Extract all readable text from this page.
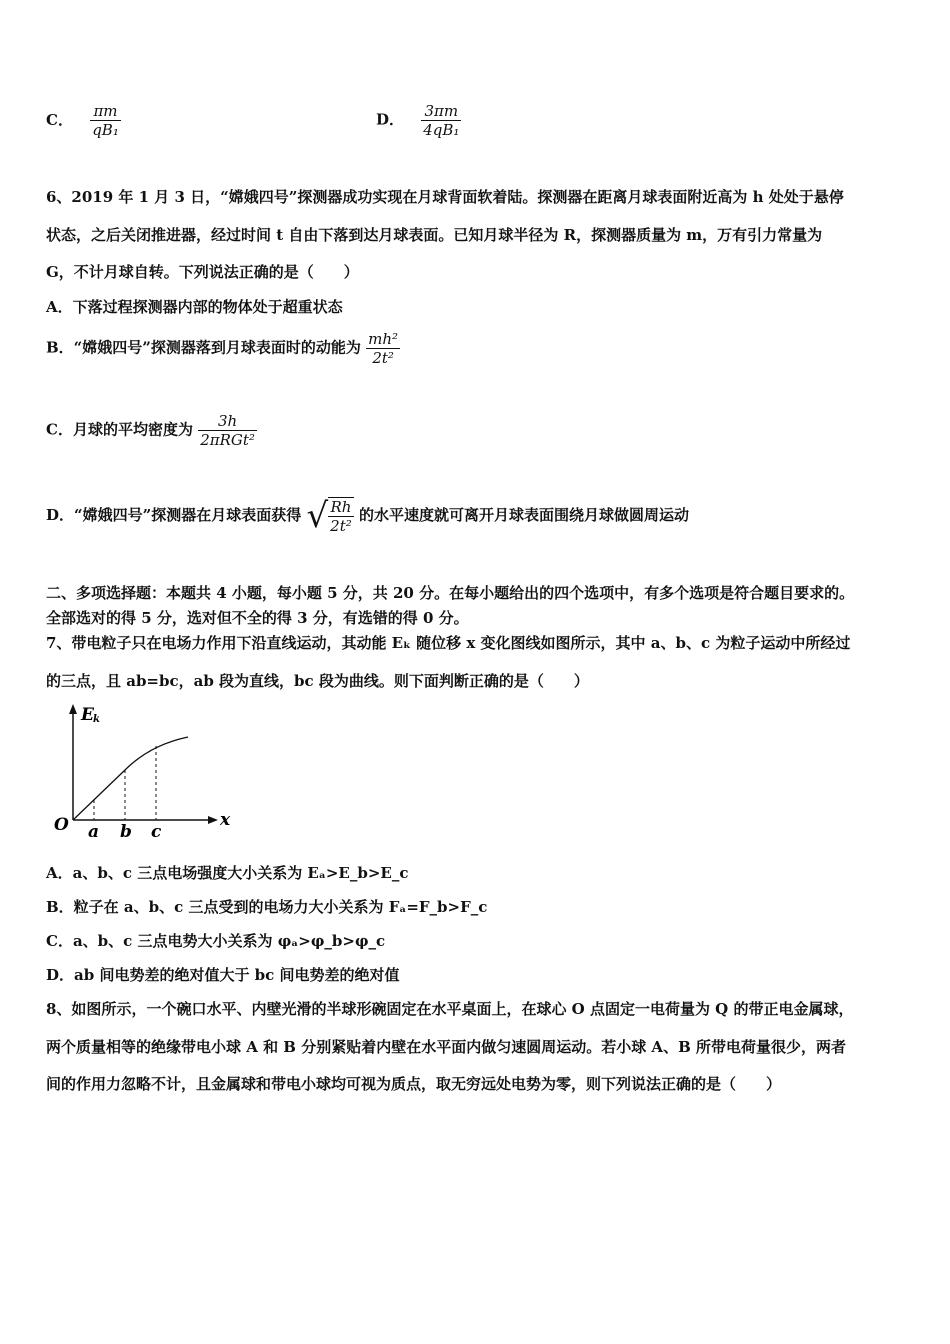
C． $\frac{\pi m}{\text{qB₁}}$	D． $\frac{3\pi m}{\text{4qB₁}}$
6、2019 年 1 月 3 日，“嫦娥四号”探测器成功实现在月球背面软着陆。探测器在距离月球表面附近高为 h 处处于悬停
状态，之后关闭推进器，经过时间 t 自由下落到达月球表面。已知月球半径为 R，探测器质量为 m，万有引力常量为
G，不计月球自转。下列说法正确的是（　　）
A．下落过程探测器内部的物体处于超重状态
B．“嫦娥四号”探测器落到月球表面时的动能为 $\frac{\text{mh²}}{\text{2t²}}$
C．月球的平均密度为 $\frac{3h}{\text{2πRGt²}}$
D．“嫦娥四号”探测器在月球表面获得 √ $\frac{Rh}{\text{2t²}}$ 的水平速度就可离开月球表面围绕月球做圆周运动
二、多项选择题：本题共 4 小题，每小题 5 分，共 20 分。在每小题给出的四个选项中，有多个选项是符合题目要求的。
全部选对的得 5 分，选对但不全的得 3 分，有选错的得 0 分。
7、带电粒子只在电场力作用下沿直线运动，其动能 Eₖ 随位移 x 变化图线如图所示，其中 a、b、c 为粒子运动中所经过
的三点，且 ab=bc，ab 段为直线，bc 段为曲线。则下面判断正确的是（　　）
E k
x
O a b c
A．a、b、c 三点电场强度大小关系为 Eₐ>E_b>E_c
B．粒子在 a、b、c 三点受到的电场力大小关系为 Fₐ=F_b>F_c
C．a、b、c 三点电势大小关系为 φₐ>φ_b>φ_c
D．ab 间电势差的绝对值大于 bc 间电势差的绝对值
8、如图所示，一个碗口水平、内壁光滑的半球形碗固定在水平桌面上，在球心 O 点固定一电荷量为 Q 的带正电金属球，
两个质量相等的绝缘带电小球 A 和 B 分别紧贴着内壁在水平面内做匀速圆周运动。若小球 A、B 所带电荷量很少，两者
间的作用力忽略不计，且金属球和带电小球均可视为质点，取无穷远处电势为零，则下列说法正确的是（　　）
